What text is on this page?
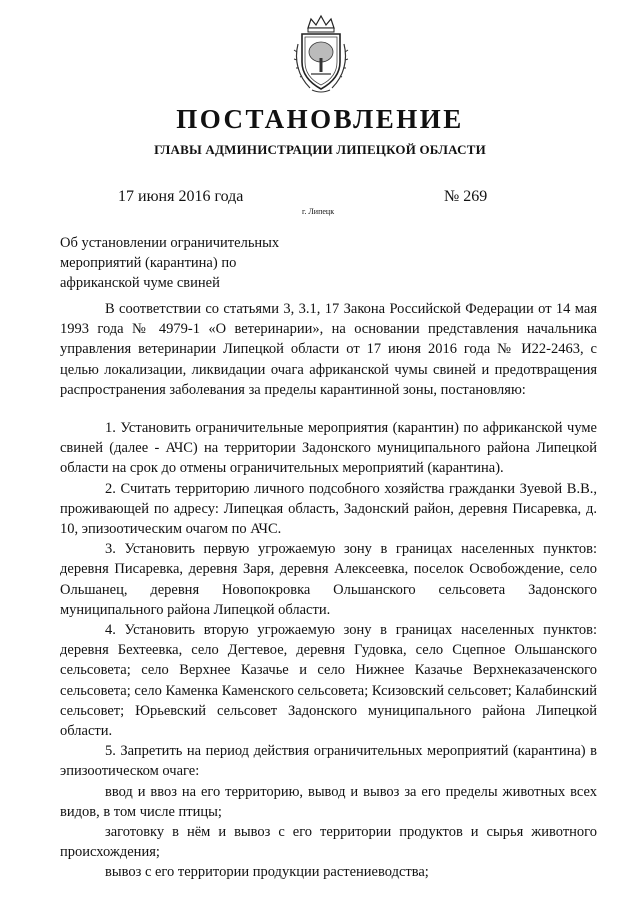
ПОСТАНОВЛЕНИЕ
ГЛАВЫ АДМИНИСТРАЦИИ ЛИПЕЦКОЙ ОБЛАСТИ
17 июня 2016 года
г. Липецк
№ 269
Об установлении ограничительных
мероприятий (карантина) по
африканской чуме свиней

В соответствии со статьями 3, 3.1, 17 Закона Российской Федерации от 14 мая 1993 года № 4979-1 «О ветеринарии», на основании представления начальника управления ветеринарии Липецкой области от 17 июня 2016 года № И22-2463, с целью локализации, ликвидации очага африканской чумы свиней и предотвращения распространения заболевания за пределы карантинной зоны, постановляю:

1. Установить ограничительные мероприятия (карантин) по африканской чуме свиней (далее - АЧС) на территории Задонского муниципального района Липецкой области на срок до отмены ограничительных мероприятий (карантина).

2. Считать территорию личного подсобного хозяйства гражданки Зуевой В.В., проживающей по адресу: Липецкая область, Задонский район, деревня Писаревка, д. 10, эпизоотическим очагом по АЧС.

3. Установить первую угрожаемую зону в границах населенных пунктов: деревня Писаревка, деревня Заря, деревня Алексеевка, поселок Освобождение, село Ольшанец, деревня Новопокровка Ольшанского сельсовета Задонского муниципального района Липецкой области.

4. Установить вторую угрожаемую зону в границах населенных пунктов: деревня Бехтеевка, село Дегтевое, деревня Гудовка, село Сцепное Ольшанского сельсовета; село Верхнее Казачье и село Нижнее Казачье Верхнеказаченского сельсовета; село Каменка Каменского сельсовета; Ксизовский сельсовет; Калабинский сельсовет; Юрьевский сельсовет Задонского муниципального района Липецкой области.

5. Запретить на период действия ограничительных мероприятий (карантина) в эпизоотическом очаге:

ввод и ввоз на его территорию, вывод и вывоз за его пределы животных всех видов, в том числе птицы;

заготовку в нём и вывоз с его территории продуктов и сырья животного происхождения;

вывоз с его территории продукции растениеводства;
